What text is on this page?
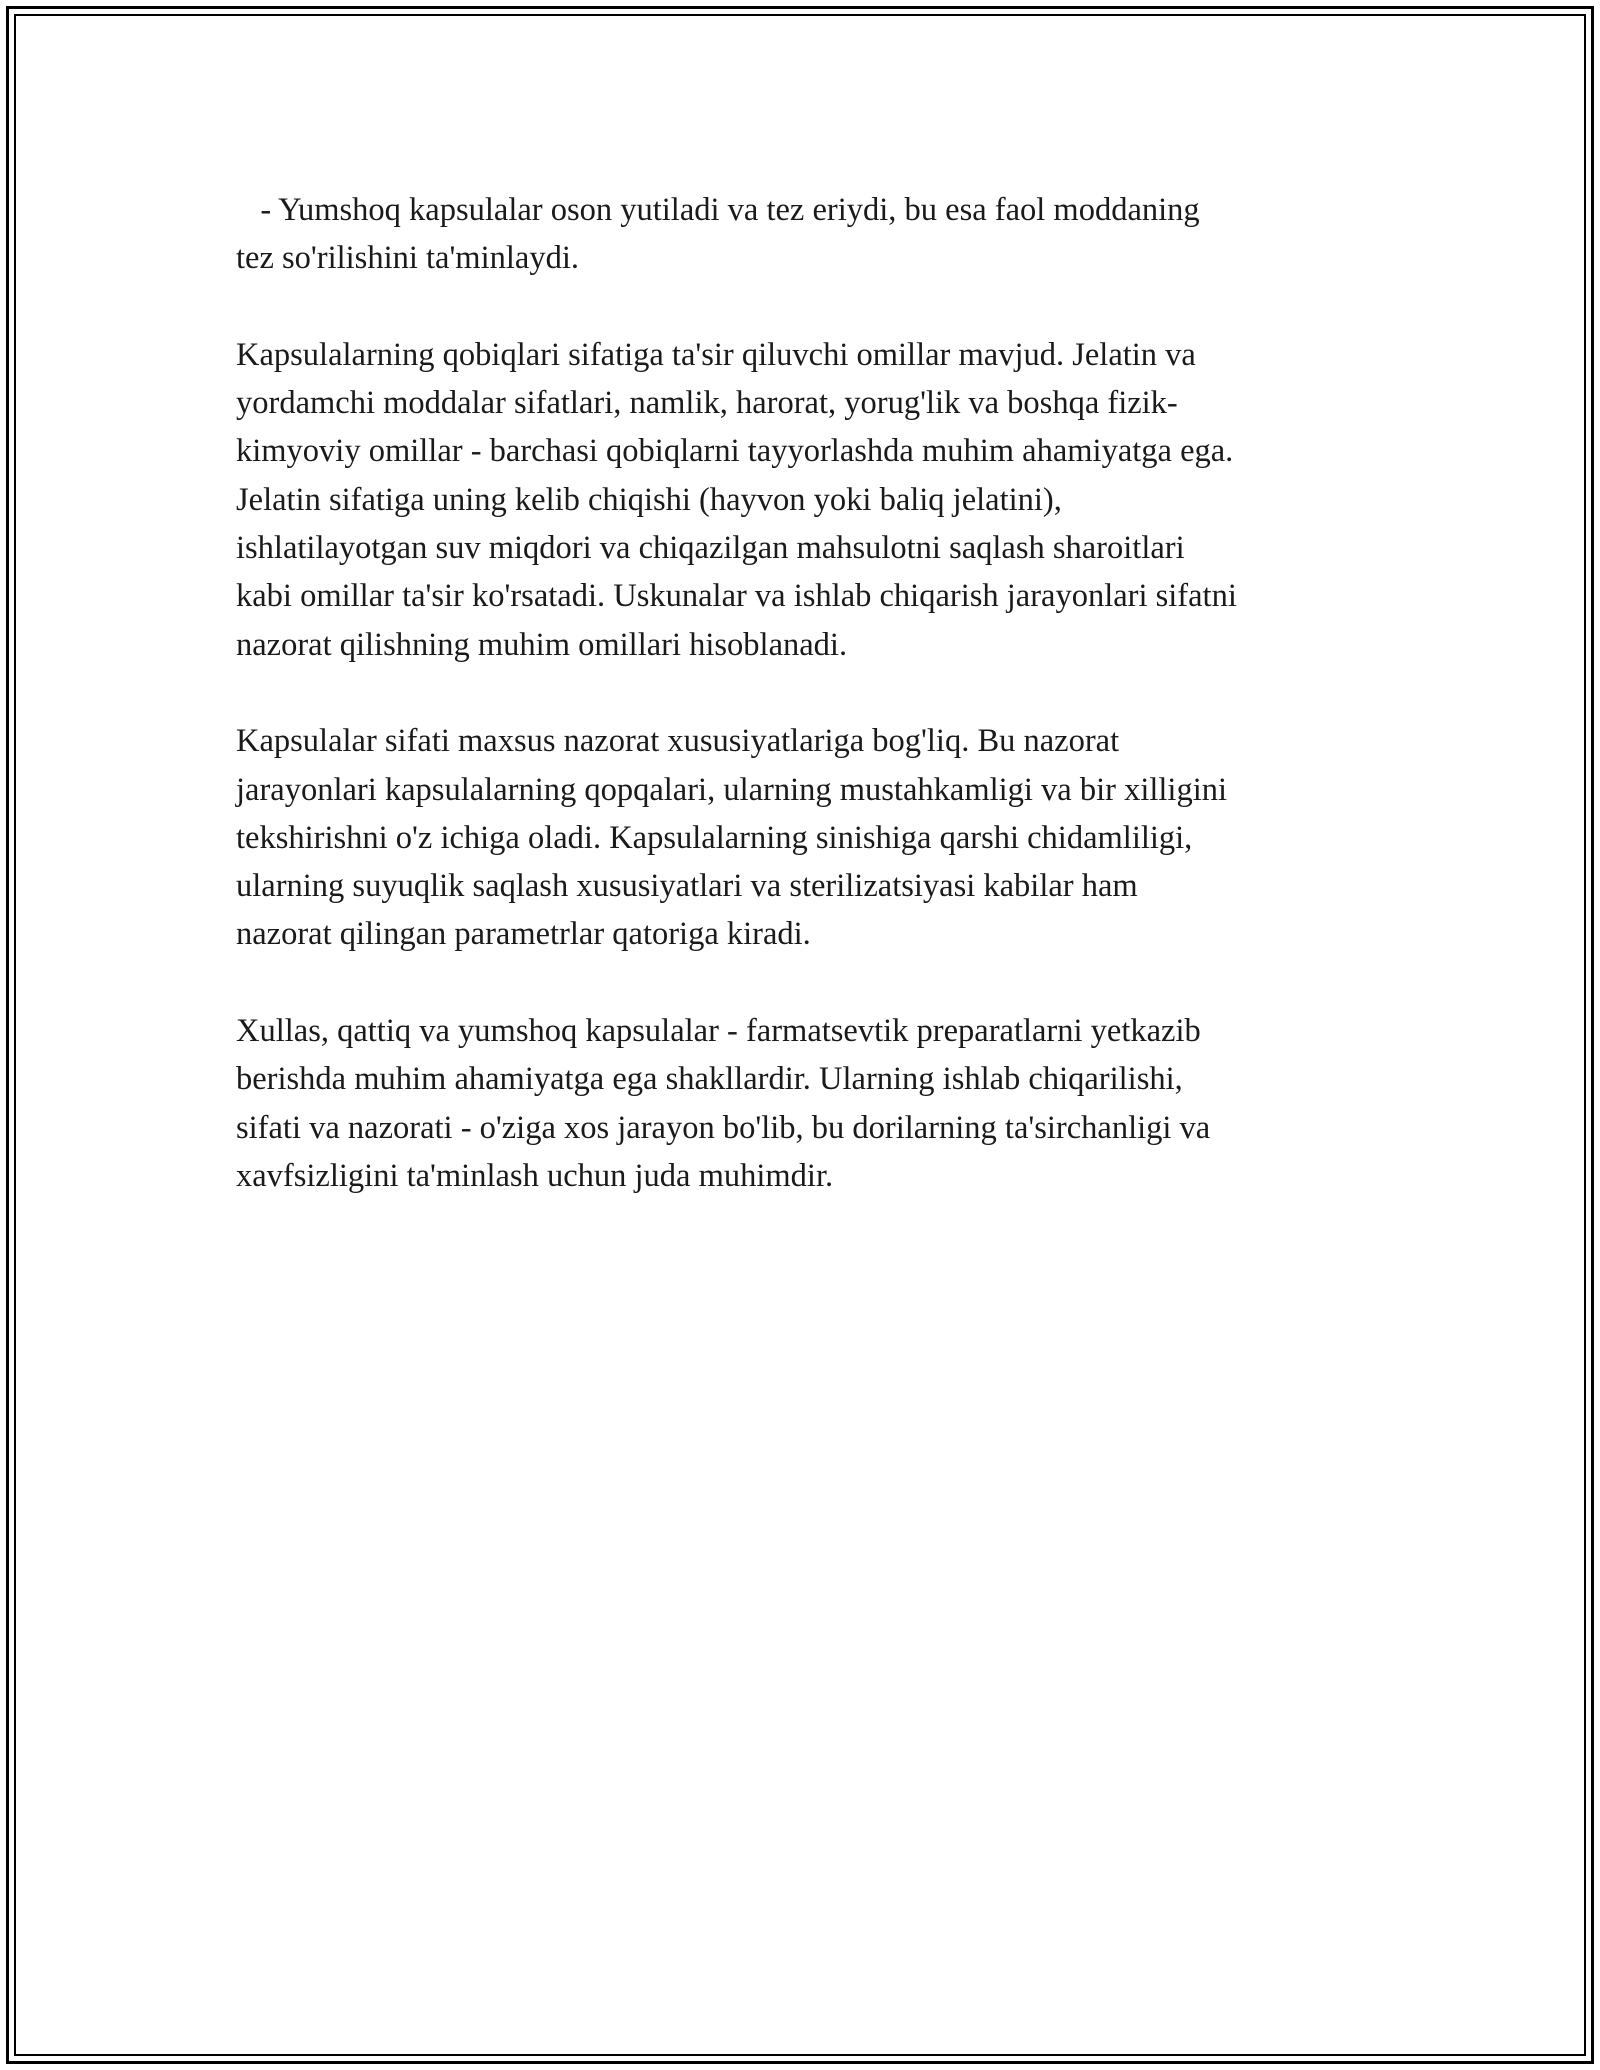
- Yumshoq kapsulalar oson yutiladi va tez eriydi, bu esa faol moddaning
tez so'rilishini ta'minlaydi.

Kapsulalarning qobiqlari sifatiga ta'sir qiluvchi omillar mavjud. Jelatin va
yordamchi moddalar sifatlari, namlik, harorat, yorug'lik va boshqa fizik-
kimyoviy omillar - barchasi qobiqlarni tayyorlashda muhim ahamiyatga ega.
Jelatin sifatiga uning kelib chiqishi (hayvon yoki baliq jelatini),
ishlatilayotgan suv miqdori va chiqazilgan mahsulotni saqlash sharoitlari
kabi omillar ta'sir ko'rsatadi. Uskunalar va ishlab chiqarish jarayonlari sifatni
nazorat qilishning muhim omillari hisoblanadi.

Kapsulalar sifati maxsus nazorat xususiyatlariga bog'liq. Bu nazorat
jarayonlari kapsulalarning qopqalari, ularning mustahkamligi va bir xilligini
tekshirishni o'z ichiga oladi. Kapsulalarning sinishiga qarshi chidamliligi,
ularning suyuqlik saqlash xususiyatlari va sterilizatsiyasi kabilar ham
nazorat qilingan parametrlar qatoriga kiradi.

Xullas, qattiq va yumshoq kapsulalar - farmatsevtik preparatlarni yetkazib
berishda muhim ahamiyatga ega shakllardir. Ularning ishlab chiqarilishi,
sifati va nazorati - o'ziga xos jarayon bo'lib, bu dorilarning ta'sirchanligi va
xavfsizligini ta'minlash uchun juda muhimdir.
